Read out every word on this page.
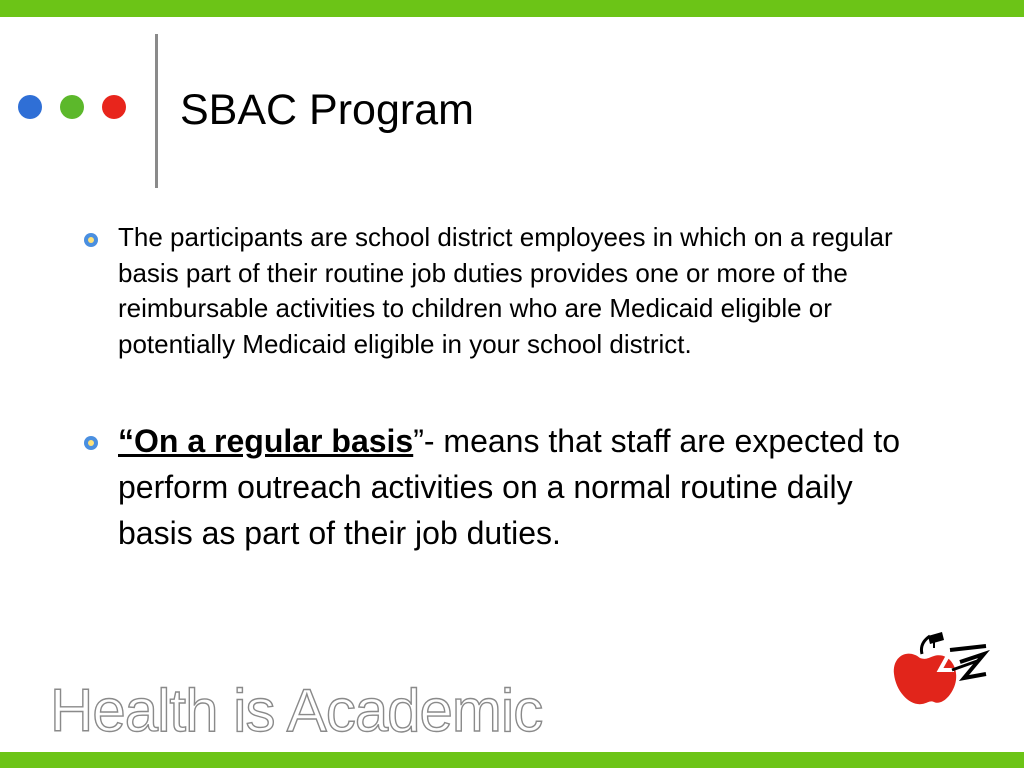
SBAC Program
The participants are school district employees in which on a regular basis part of their routine job duties provides one or more of the reimbursable activities to children who are Medicaid eligible or potentially Medicaid eligible in your school district.
“On a regular basis”- means that staff are expected to perform outreach activities on a normal routine daily basis as part of their job duties.
Health is Academic
